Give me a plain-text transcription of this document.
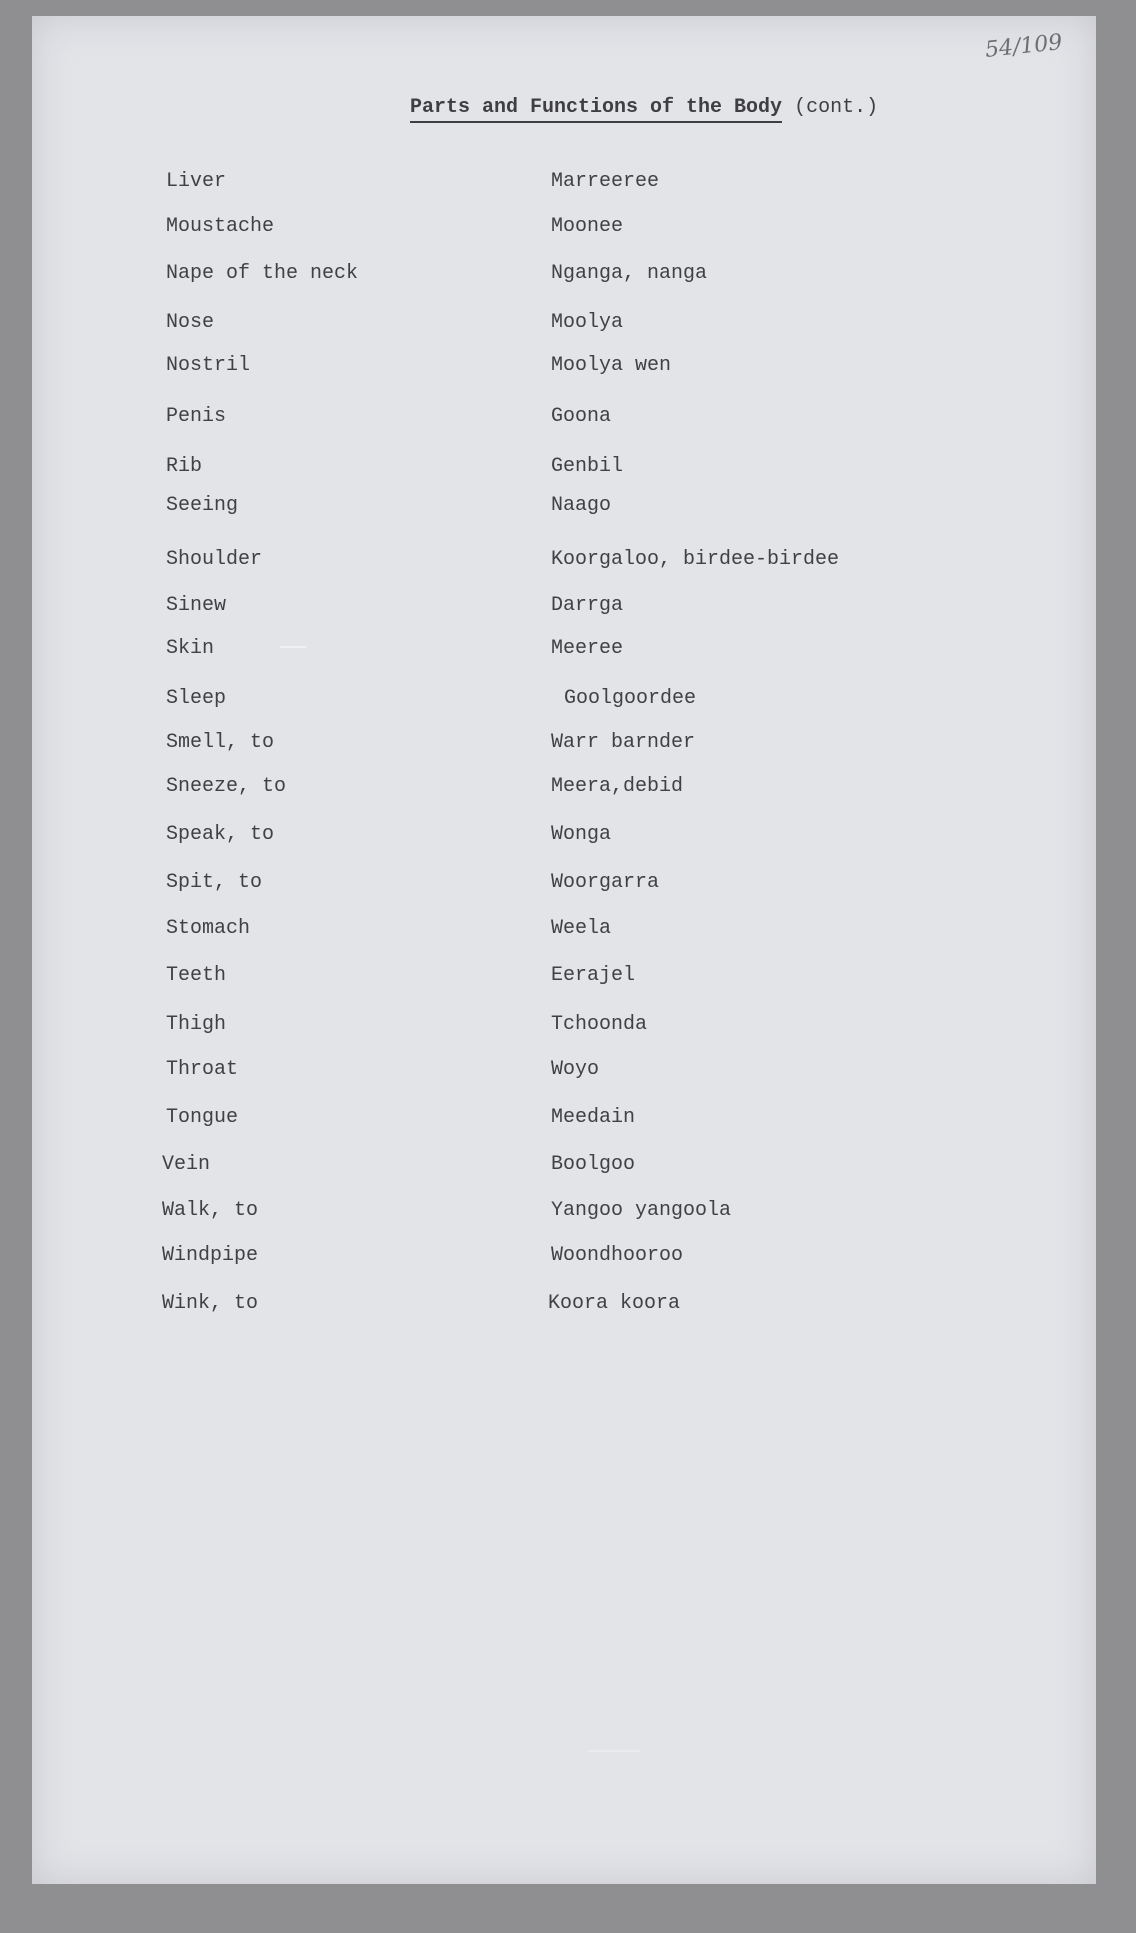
54/109
Parts and Functions of the Body (cont.)
Liver	Marreeree
Moustache	Moonee
Nape of the neck	Nganga, nanga
Nose	Moolya
Nostril	Moolya wen
Penis	Goona
Rib	Genbil
Seeing	Naago
Shoulder	Koorgaloo, birdee-birdee
Sinew	Darrga
Skin	Meeree
Sleep	Goolgoordee
Smell, to	Warr barnder
Sneeze, to	Meera,debid
Speak, to	Wonga
Spit, to	Woorgarra
Stomach	Weela
Teeth	Eerajel
Thigh	Tchoonda
Throat	Woyo
Tongue	Meedain
Vein	Boolgoo
Walk, to	Yangoo yangoola
Windpipe	Woondhooroo
Wink, to	Koora koora
